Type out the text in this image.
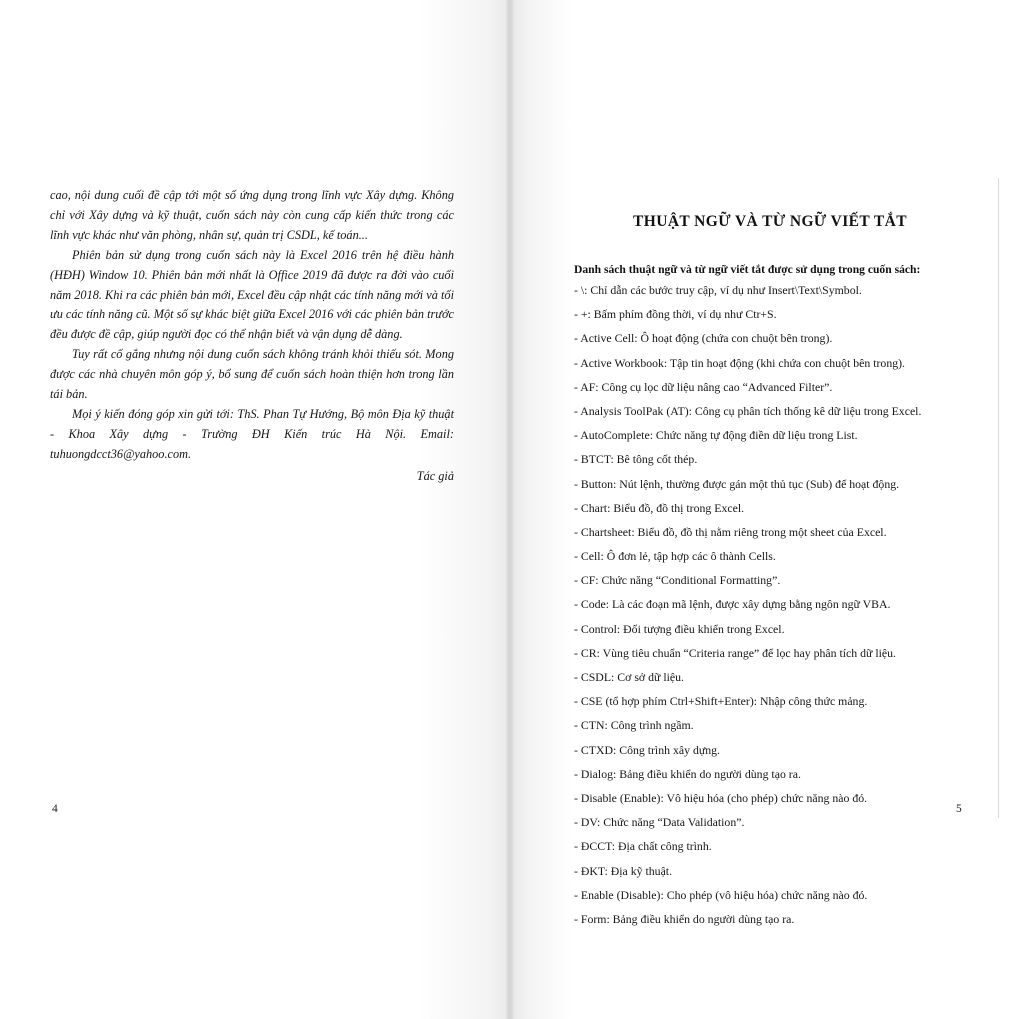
cao, nội dung cuối đề cập tới một số ứng dụng trong lĩnh vực Xây dựng. Không chỉ với Xây dựng và kỹ thuật, cuốn sách này còn cung cấp kiến thức trong các lĩnh vực khác như văn phòng, nhân sự, quản trị CSDL, kế toán...

Phiên bản sử dụng trong cuốn sách này là Excel 2016 trên hệ điều hành (HĐH) Window 10. Phiên bản mới nhất là Office 2019 đã được ra đời vào cuối năm 2018. Khi ra các phiên bản mới, Excel đều cập nhật các tính năng mới và tối ưu các tính năng cũ. Một số sự khác biệt giữa Excel 2016 với các phiên bản trước đều được đề cập, giúp người đọc có thể nhận biết và vận dụng dễ dàng.

Tuy rất cố gắng nhưng nội dung cuốn sách không tránh khỏi thiếu sót. Mong được các nhà chuyên môn góp ý, bổ sung để cuốn sách hoàn thiện hơn trong lần tái bản.

Mọi ý kiến đóng góp xin gửi tới: ThS. Phan Tự Hướng, Bộ môn Địa kỹ thuật - Khoa Xây dựng - Trường ĐH Kiến trúc Hà Nội. Email: tuhuongdcct36@yahoo.com.

Tác giả
THUẬT NGỮ VÀ TỪ NGỮ VIẾT TẮT
Danh sách thuật ngữ và từ ngữ viết tắt được sử dụng trong cuốn sách:

- \: Chỉ dẫn các bước truy cập, ví dụ như Insert\Text\Symbol.

- +: Bấm phím đồng thời, ví dụ như Ctr+S.

- Active Cell: Ô hoạt động (chứa con chuột bên trong).

- Active Workbook: Tập tin hoạt động (khi chứa con chuột bên trong).

- AF: Công cụ lọc dữ liệu nâng cao “Advanced Filter”.

- Analysis ToolPak (AT): Công cụ phân tích thống kê dữ liệu trong Excel.

- AutoComplete: Chức năng tự động điền dữ liệu trong List.

- BTCT: Bê tông cốt thép.

- Button: Nút lệnh, thường được gán một thủ tục (Sub) để hoạt động.

- Chart: Biểu đồ, đồ thị trong Excel.

- Chartsheet: Biểu đồ, đồ thị nằm riêng trong một sheet của Excel.

- Cell: Ô đơn lẻ, tập hợp các ô thành Cells.

- CF: Chức năng “Conditional Formatting”.

- Code: Là các đoạn mã lệnh, được xây dựng bằng ngôn ngữ VBA.

- Control: Đối tượng điều khiển trong Excel.

- CR: Vùng tiêu chuẩn “Criteria range” để lọc hay phân tích dữ liệu.

- CSDL: Cơ sở dữ liệu.

- CSE (tổ hợp phím Ctrl+Shift+Enter): Nhập công thức mảng.

- CTN: Công trình ngầm.

- CTXD: Công trình xây dựng.

- Dialog: Bảng điều khiển do người dùng tạo ra.

- Disable (Enable): Vô hiệu hóa (cho phép) chức năng nào đó.

- DV: Chức năng “Data Validation”.

- ĐCCT: Địa chất công trình.

- ĐKT: Địa kỹ thuật.

- Enable (Disable): Cho phép (vô hiệu hóa) chức năng nào đó.

- Form: Bảng điều khiển do người dùng tạo ra.

4	5
